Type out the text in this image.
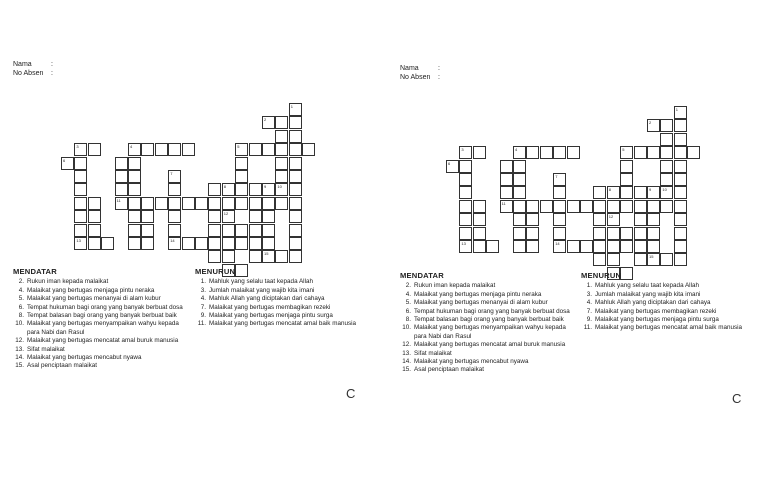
Nama	:
No Absen :
2
3	4	5
6
8	9
11
13	14
15
1
10
7
12
MENDATAR
2. Rukun iman kepada malaikat
4. Malaikat yang bertugas menjaga pintu neraka
5. Malaikat yang bertugas menanyai di alam kubur
6. Tempat hukuman bagi orang yang banyak berbuat dosa
8. Tempat balasan bagi orang yang banyak berbuat baik
10. Malaikat yang bertugas menyampaikan wahyu kepada para Nabi dan Rasul
12. Malaikat yang bertugas mencatat amal buruk manusia
13. Sifat malaikat
14. Malaikat yang bertugas mencabut nyawa
15. Asal penciptaan malaikat
MENURUN
1. Mahluk yang selalu taat kepada Allah
3. Jumlah malaikat yang wajib kita imani
4. Mahluk Allah yang diciptakan dari cahaya
7. Malaikat yang bertugas membagikan rezeki
9. Malaikat yang bertugas menjaga pintu surga
11. Malaikat yang bertugas mencatat amal baik manusia
C
Nama	:
No Absen :
2
3	4	5
6
8	9
11
13	14
15
1
10
7
12
MENDATAR
2. Rukun iman kepada malaikat
4. Malaikat yang bertugas menjaga pintu neraka
5. Malaikat yang bertugas menanyai di alam kubur
6. Tempat hukuman bagi orang yang banyak berbuat dosa
8. Tempat balasan bagi orang yang banyak berbuat baik
10. Malaikat yang bertugas menyampaikan wahyu kepada para Nabi dan Rasul
12. Malaikat yang bertugas mencatat amal buruk manusia
13. Sifat malaikat
14. Malaikat yang bertugas mencabut nyawa
15. Asal penciptaan malaikat
MENURUN
1. Mahluk yang selalu taat kepada Allah
3. Jumlah malaikat yang wajib kita imani
4. Mahluk Allah yang diciptakan dari cahaya
7. Malaikat yang bertugas membagikan rezeki
9. Malaikat yang bertugas menjaga pintu surga
11. Malaikat yang bertugas mencatat amal baik manusia
C
